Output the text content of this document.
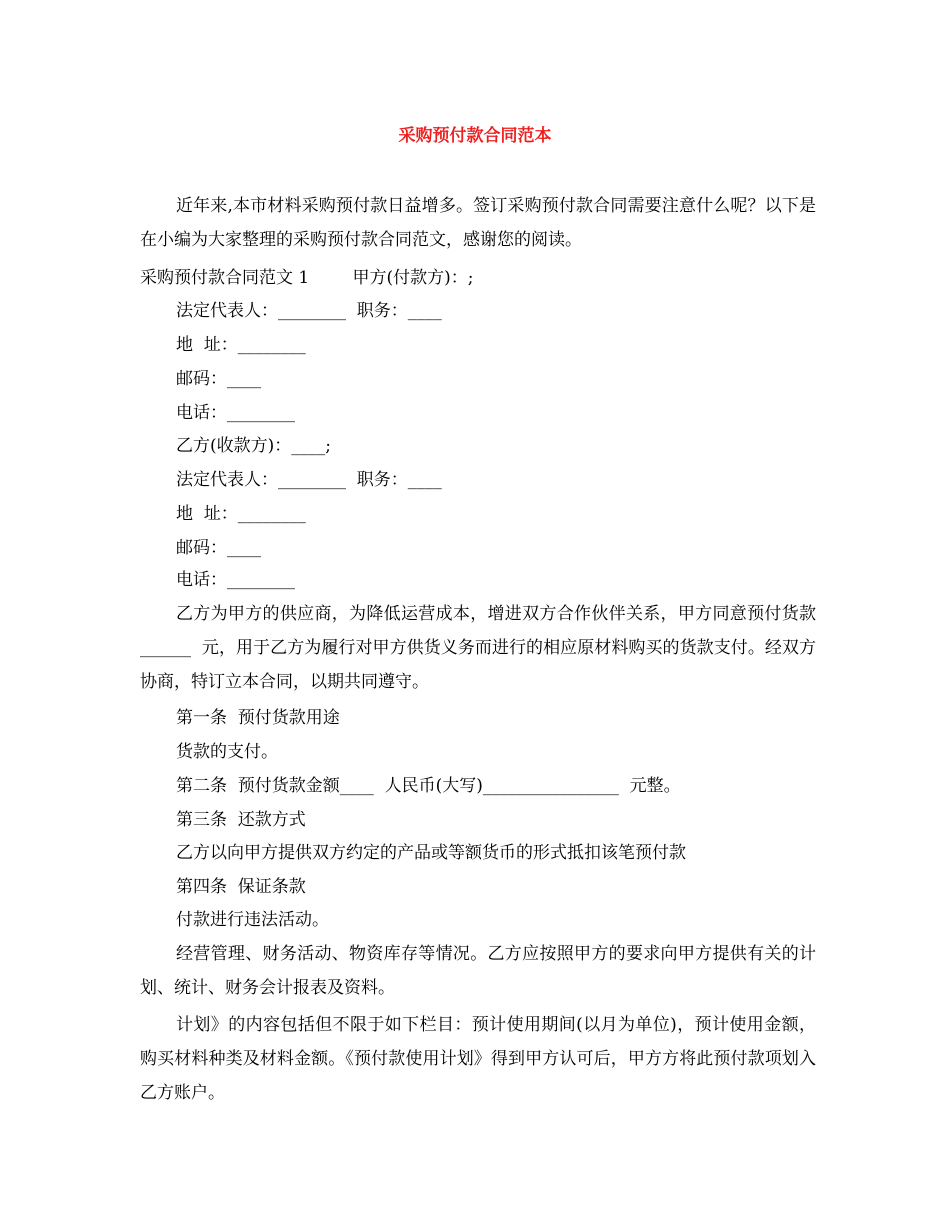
采购预付款合同范本
近年来,本市材料采购预付款日益增多。签订采购预付款合同需要注意什么呢？以下是在小编为大家整理的采购预付款合同范文，感谢您的阅读。
采购预付款合同范文 1        甲方(付款方)：;
法定代表人：________  职务：____
地  址：________
邮码：____
电话：________
乙方(收款方)：____;
法定代表人：________  职务：____
地  址：________
邮码：____
电话：________
乙方为甲方的供应商，为降低运营成本，增进双方合作伙伴关系，甲方同意预付货款______  元，用于乙方为履行对甲方供货义务而进行的相应原材料购买的货款支付。经双方协商，特订立本合同，以期共同遵守。
第一条  预付货款用途
货款的支付。
第二条  预付货款金额____  人民币(大写)________________  元整。
第三条  还款方式
乙方以向甲方提供双方约定的产品或等额货币的形式抵扣该笔预付款
第四条  保证条款
付款进行违法活动。
经营管理、财务活动、物资库存等情况。乙方应按照甲方的要求向甲方提供有关的计划、统计、财务会计报表及资料。
计划》的内容包括但不限于如下栏目：预计使用期间(以月为单位)，预计使用金额，购买材料种类及材料金额。《预付款使用计划》得到甲方认可后，甲方方将此预付款项划入乙方账户。
